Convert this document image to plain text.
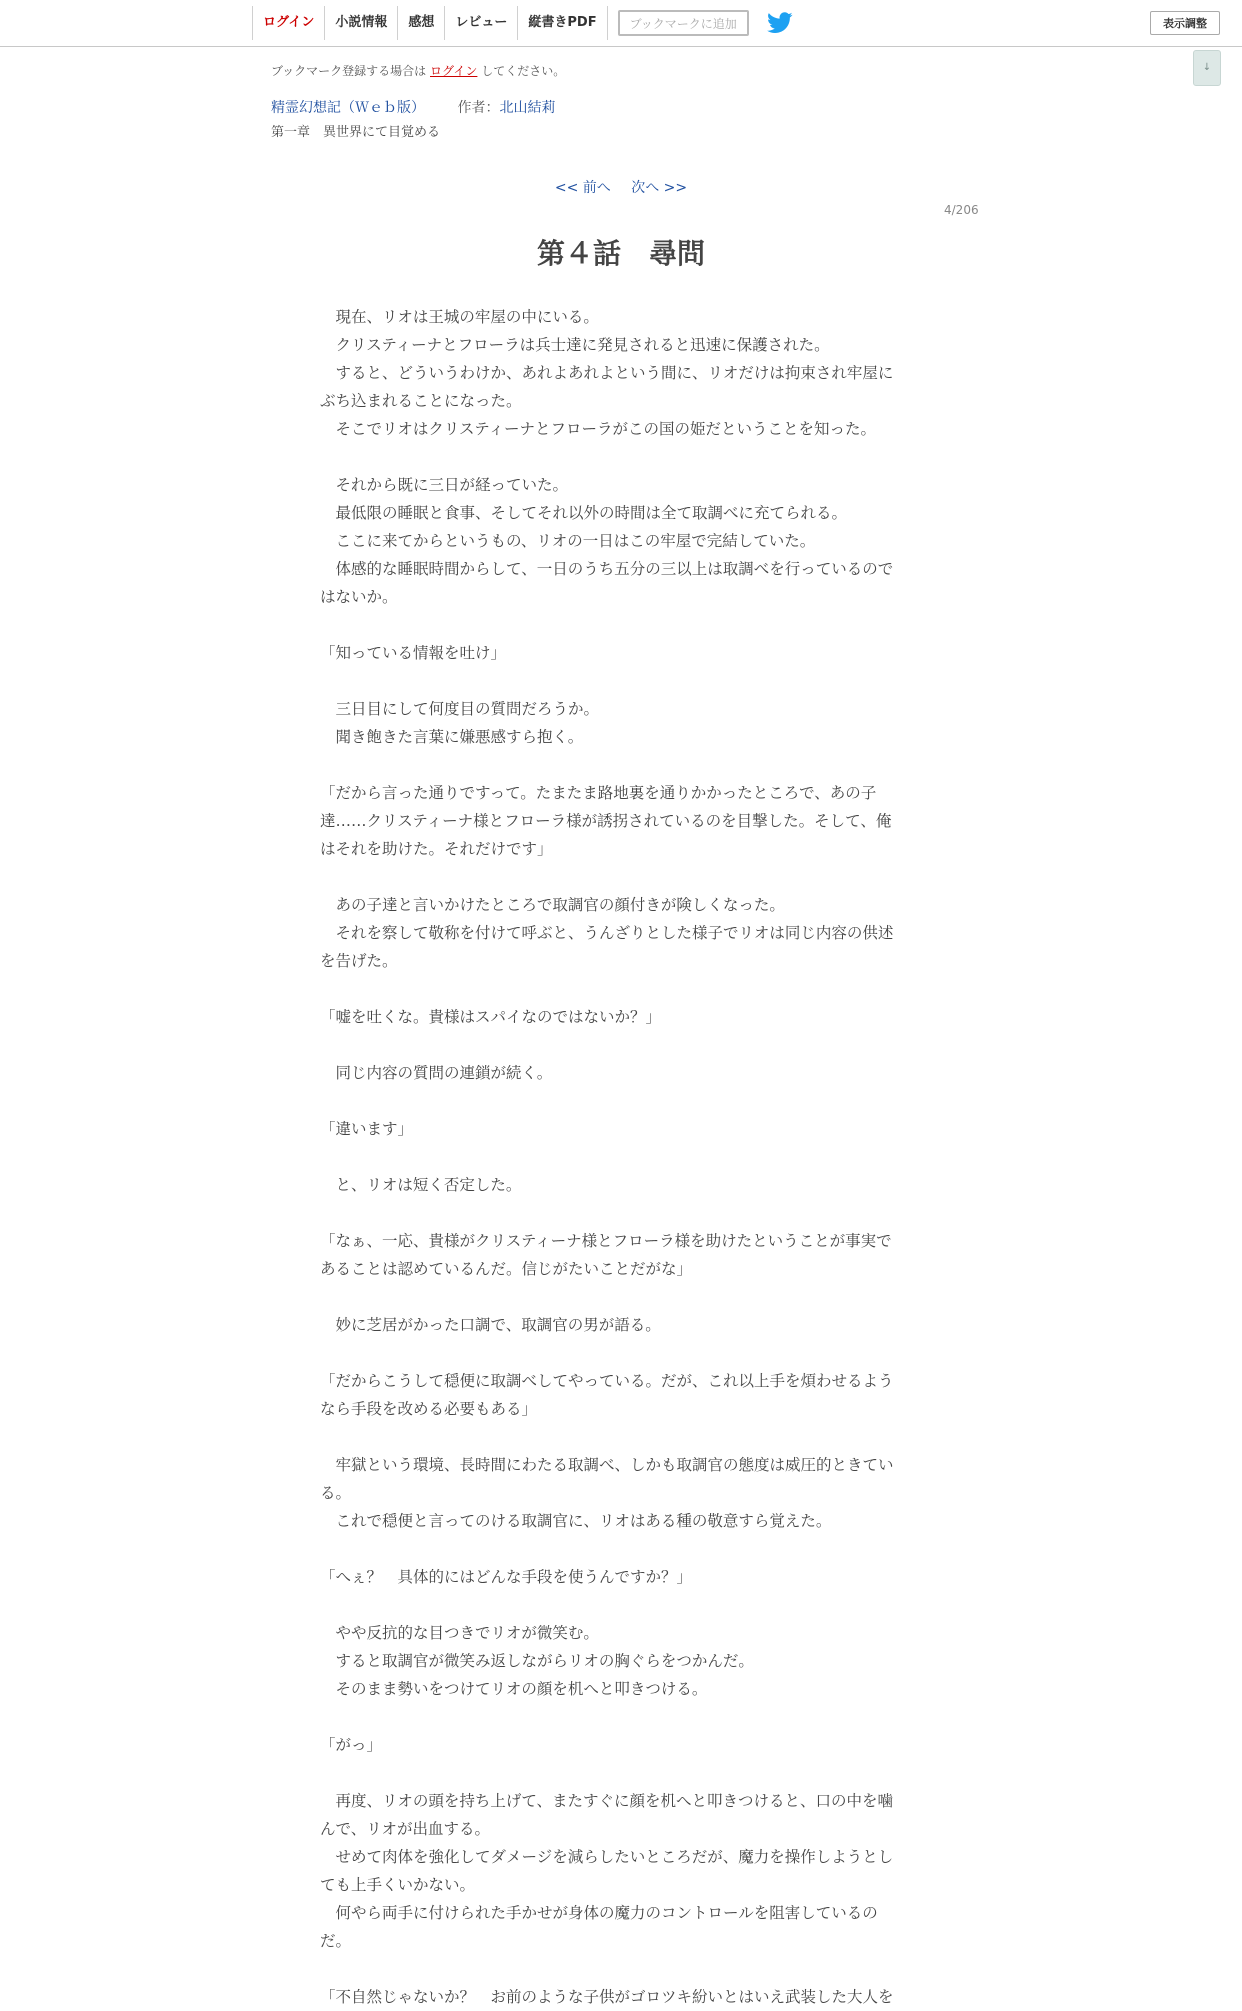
ログイン	小説情報	感想	レビュー	縦書きPDF	ブックマークに追加	表示調整
↓
ブックマーク登録する場合は ログイン してください。
精霊幻想記（Ｗｅｂ版） 作者：北山結莉
第一章　異世界にて目覚める
<< 前へ 次へ >>
4/206
第４話　尋問

　現在、リオは王城の牢屋の中にいる。

　クリスティーナとフローラは兵士達に発見されると迅速に保護された。

　すると、どういうわけか、あれよあれよという間に、リオだけは拘束され牢屋に

ぶち込まれることになった。

　そこでリオはクリスティーナとフローラがこの国の姫だということを知った。

　それから既に三日が経っていた。

　最低限の睡眠と食事、そしてそれ以外の時間は全て取調べに充てられる。

　ここに来てからというもの、リオの一日はこの牢屋で完結していた。

　体感的な睡眠時間からして、一日のうち五分の三以上は取調べを行っているので

はないか。

「知っている情報を吐け」

　三日目にして何度目の質問だろうか。

　聞き飽きた言葉に嫌悪感すら抱く。

「だから言った通りですって。たまたま路地裏を通りかかったところで、あの子

達……クリスティーナ様とフローラ様が誘拐されているのを目撃した。そして、俺

はそれを助けた。それだけです」

　あの子達と言いかけたところで取調官の顔付きが険しくなった。

　それを察して敬称を付けて呼ぶと、うんざりとした様子でリオは同じ内容の供述

を告げた。

「嘘を吐くな。貴様はスパイなのではないか？」

　同じ内容の質問の連鎖が続く。

「違います」

　と、リオは短く否定した。

「なぁ、一応、貴様がクリスティーナ様とフローラ様を助けたということが事実で

あることは認めているんだ。信じがたいことだがな」

　妙に芝居がかった口調で、取調官の男が語る。

「だからこうして穏便に取調べしてやっている。だが、これ以上手を煩わせるよう

なら手段を改める必要もある」

　牢獄という環境、長時間にわたる取調べ、しかも取調官の態度は威圧的ときてい

る。

　これで穏便と言ってのける取調官に、リオはある種の敬意すら覚えた。

「へぇ？　具体的にはどんな手段を使うんですか？」

　やや反抗的な目つきでリオが微笑む。

　すると取調官が微笑み返しながらリオの胸ぐらをつかんだ。

　そのまま勢いをつけてリオの顔を机へと叩きつける。

「がっ」

　再度、リオの頭を持ち上げて、またすぐに顔を机へと叩きつけると、口の中を噛

んで、リオが出血する。

　せめて肉体を強化してダメージを減らしたいところだが、魔力を操作しようとし

ても上手くいかない。

　何やら両手に付けられた手かせが身体の魔力のコントロールを阻害しているの

だ。

「不自然じゃないか？　お前のような子供がゴロツキ紛いとはいえ武装した大人を
